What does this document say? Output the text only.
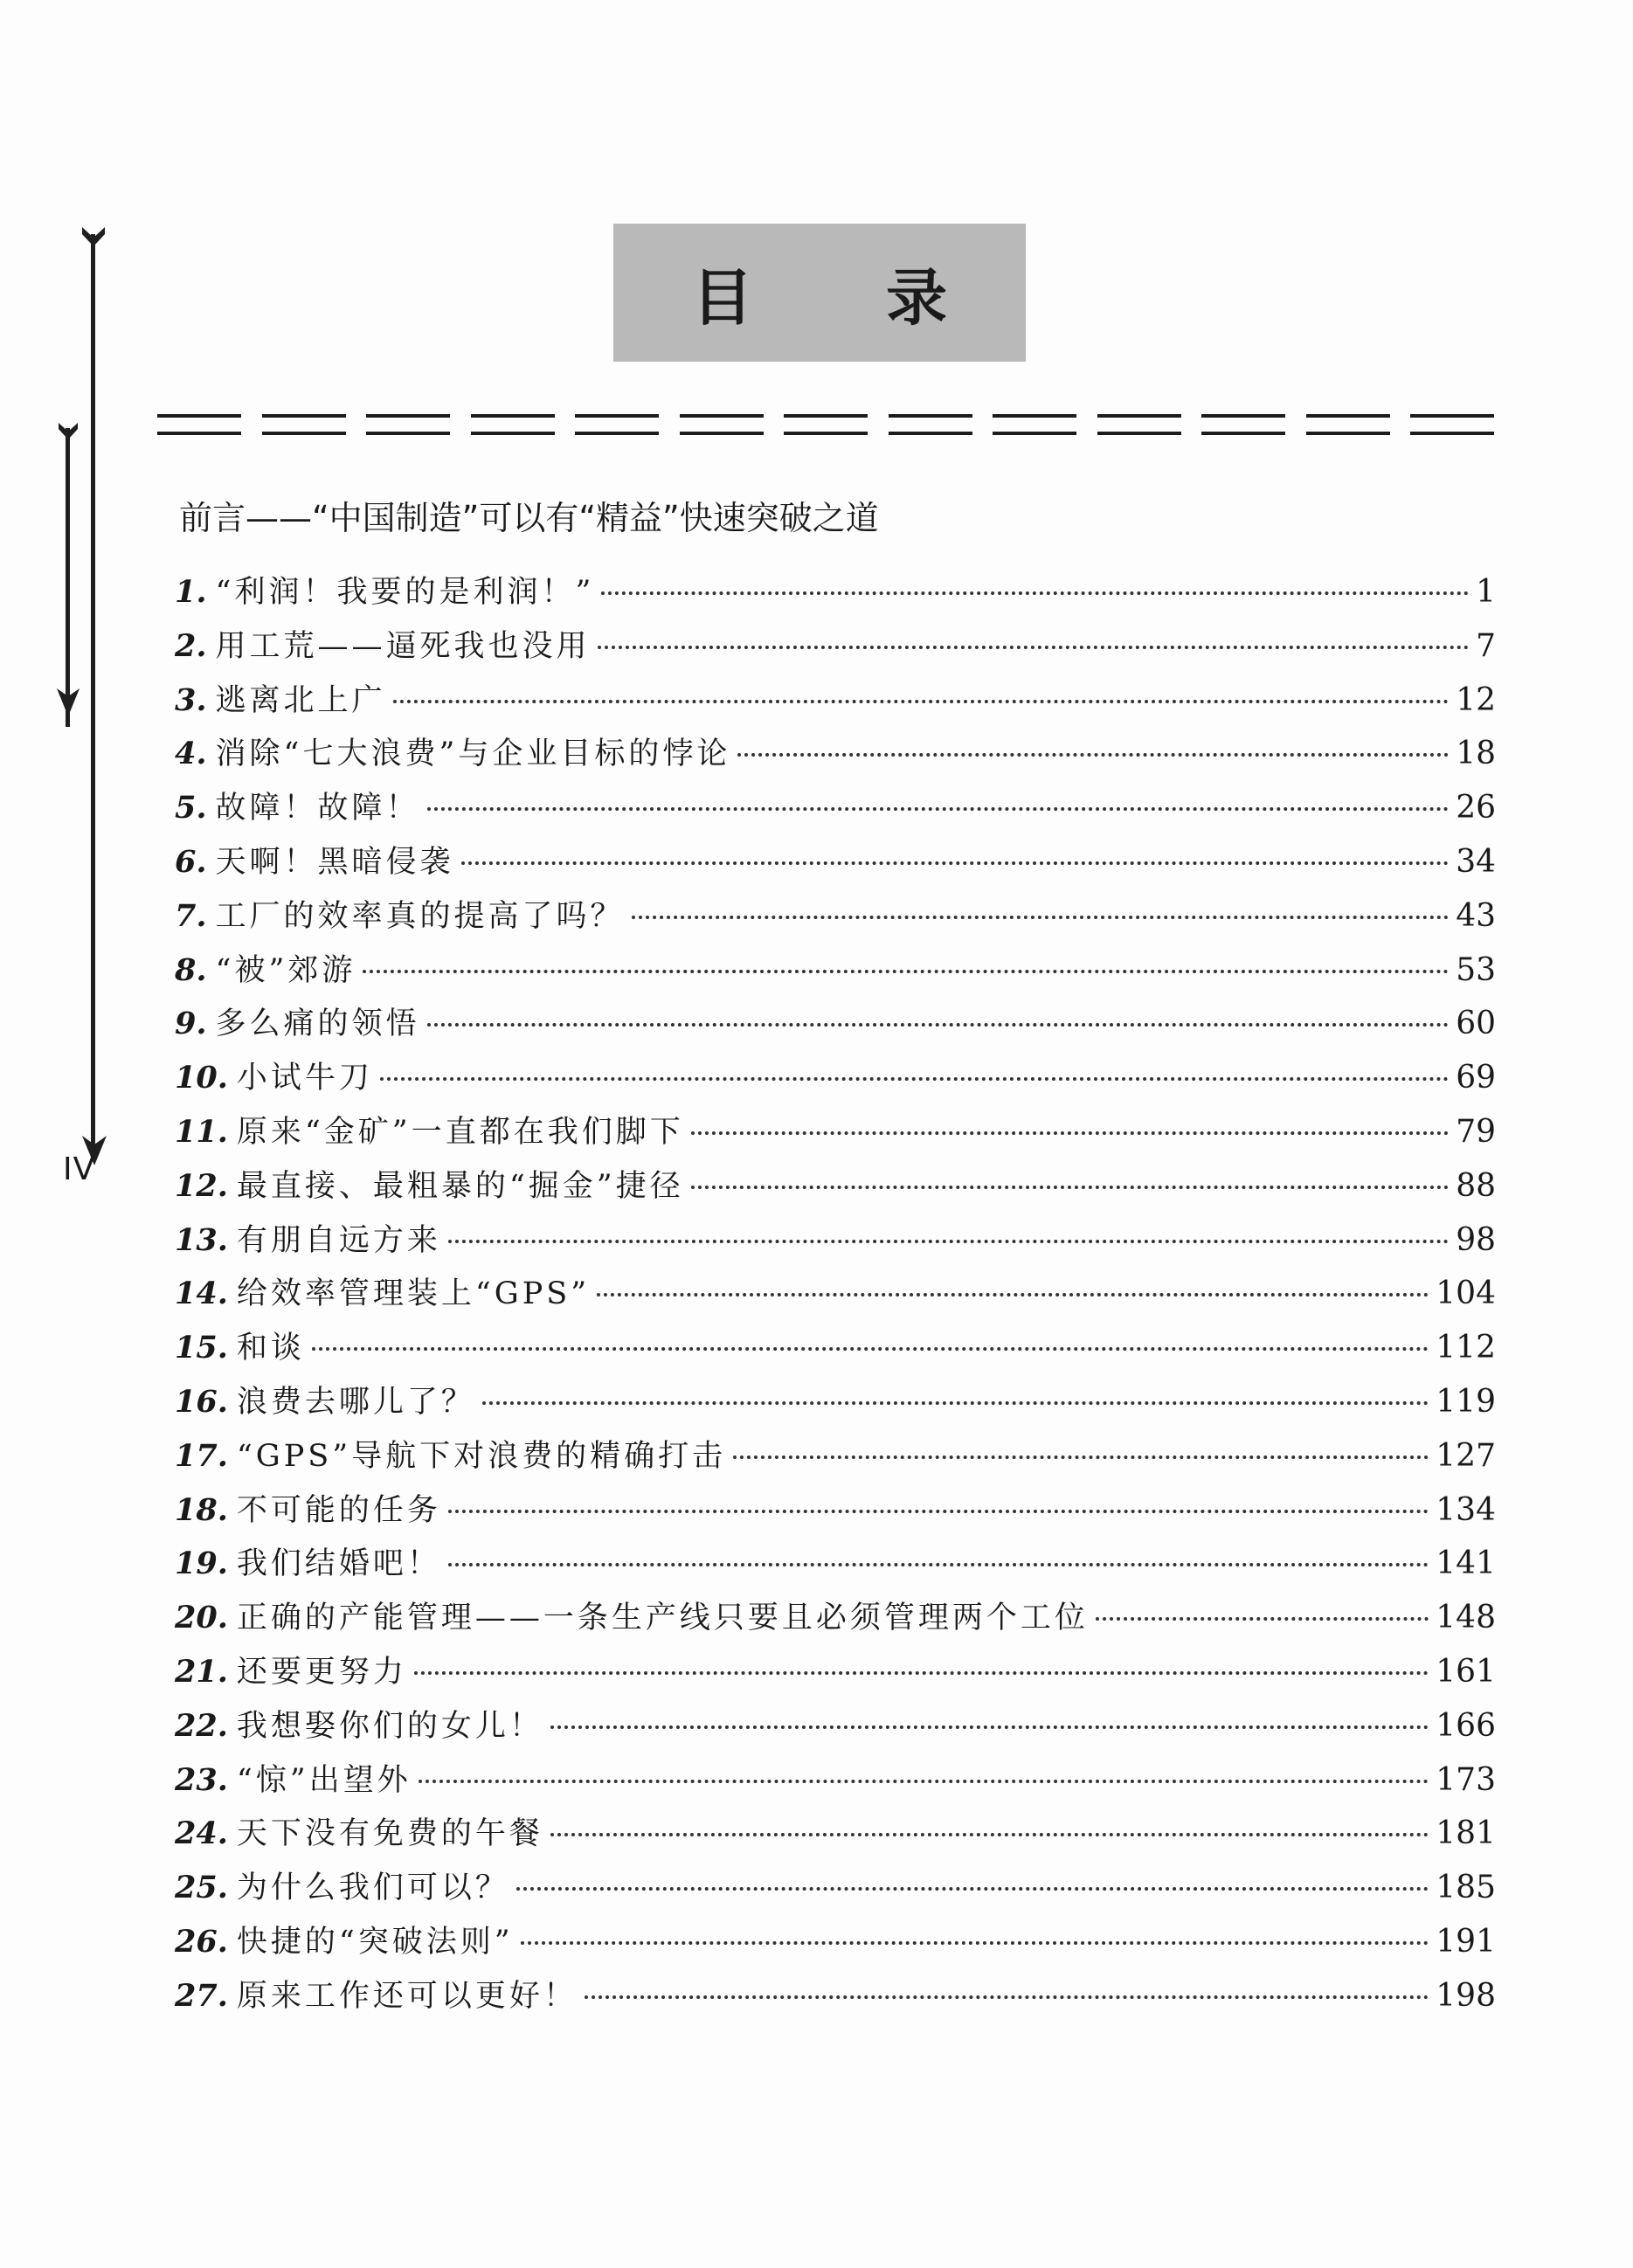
IV
目 录
前言——“中国制造”可以有“精益”快速突破之道
1. “利润！我要的是利润！”	1
2. 用工荒——逼死我也没用	7
3. 逃离北上广	12
4. 消除“七大浪费”与企业目标的悖论	18
5. 故障！故障！	26
6. 天啊！黑暗侵袭	34
7. 工厂的效率真的提高了吗？	43
8. “被”郊游	53
9. 多么痛的领悟	60
10. 小试牛刀	69
11. 原来“金矿”一直都在我们脚下	79
12. 最直接、最粗暴的“掘金”捷径	88
13. 有朋自远方来	98
14. 给效率管理装上“GPS”	104
15. 和谈	112
16. 浪费去哪儿了？	119
17. “GPS”导航下对浪费的精确打击	127
18. 不可能的任务	134
19. 我们结婚吧！	141
20. 正确的产能管理——一条生产线只要且必须管理两个工位	148
21. 还要更努力	161
22. 我想娶你们的女儿！	166
23. “惊”出望外	173
24. 天下没有免费的午餐	181
25. 为什么我们可以？	185
26. 快捷的“突破法则”	191
27. 原来工作还可以更好！	198
